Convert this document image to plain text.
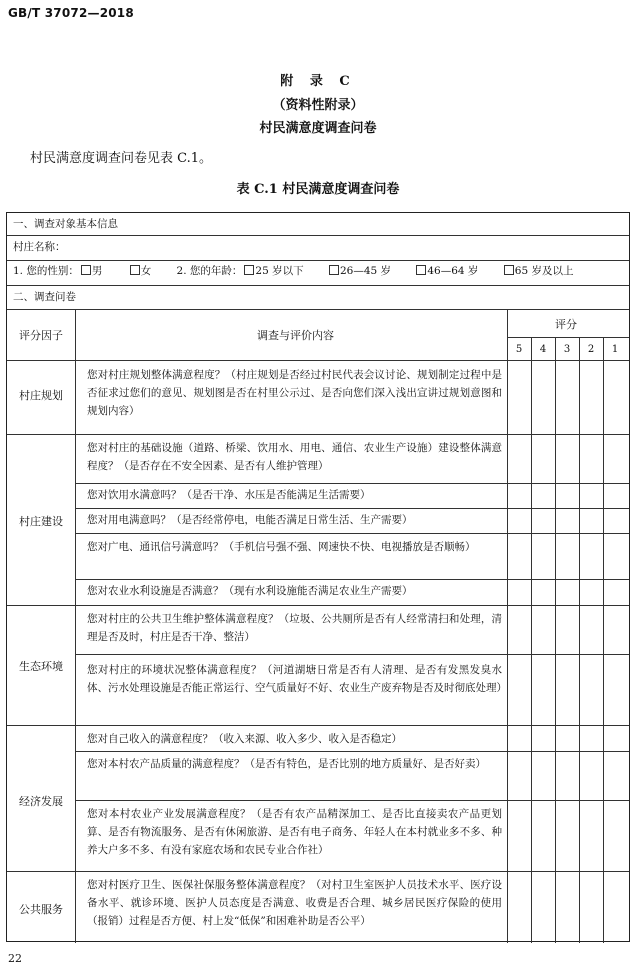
GB/T 37072—2018
附 录 C
（资料性附录）
村民满意度调查问卷
村民满意度调查问卷见表 C.1。
表 C.1 村民满意度调查问卷
一、调查对象基本信息
村庄名称：
1. 您的性别： 男	女 2. 您的年龄： 25 岁以下	26—45 岁	46—64 岁	65 岁及以上
二、调查问卷
评分因子	调查与评价内容
评分
5	4	3	2	1
村庄规划
您对村庄规划整体满意程度？（村庄规划是否经过村民代表会议讨论、规划制定过程中是否征求过您们的意见、规划图是否在村里公示过、是否向您们深入浅出宣讲过规划意图和规划内容）
村庄建设
您对村庄的基础设施（道路、桥梁、饮用水、用电、通信、农业生产设施）建设整体满意程度？（是否存在不安全因素、是否有人维护管理）
您对饮用水满意吗？（是否干净、水压是否能满足生活需要）
您对用电满意吗？（是否经常停电，电能否满足日常生活、生产需要）
您对广电、通讯信号满意吗？（手机信号强不强、网速快不快、电视播放是否顺畅）
您对农业水利设施是否满意？（现有水利设施能否满足农业生产需要）
生态环境
您对村庄的公共卫生维护整体满意程度？（垃圾、公共厕所是否有人经常清扫和处理，清理是否及时，村庄是否干净、整洁）
您对村庄的环境状况整体满意程度？（河道湖塘日常是否有人清理、是否有发黑发臭水体、污水处理设施是否能正常运行、空气质量好不好、农业生产废弃物是否及时彻底处理）
经济发展
您对自己收入的满意程度？（收入来源、收入多少、收入是否稳定）
您对本村农产品质量的满意程度？（是否有特色，是否比别的地方质量好、是否好卖）
您对本村农业产业发展满意程度？（是否有农产品精深加工、是否比直接卖农产品更划算、是否有物流服务、是否有休闲旅游、是否有电子商务、年轻人在本村就业多不多、种养大户多不多、有没有家庭农场和农民专业合作社）
公共服务
您对村医疗卫生、医保社保服务整体满意程度？（对村卫生室医护人员技术水平、医疗设备水平、就诊环境、医护人员态度是否满意、收费是否合理、城乡居民医疗保险的使用（报销）过程是否方便、村上发“低保”和困难补助是否公平）
22
